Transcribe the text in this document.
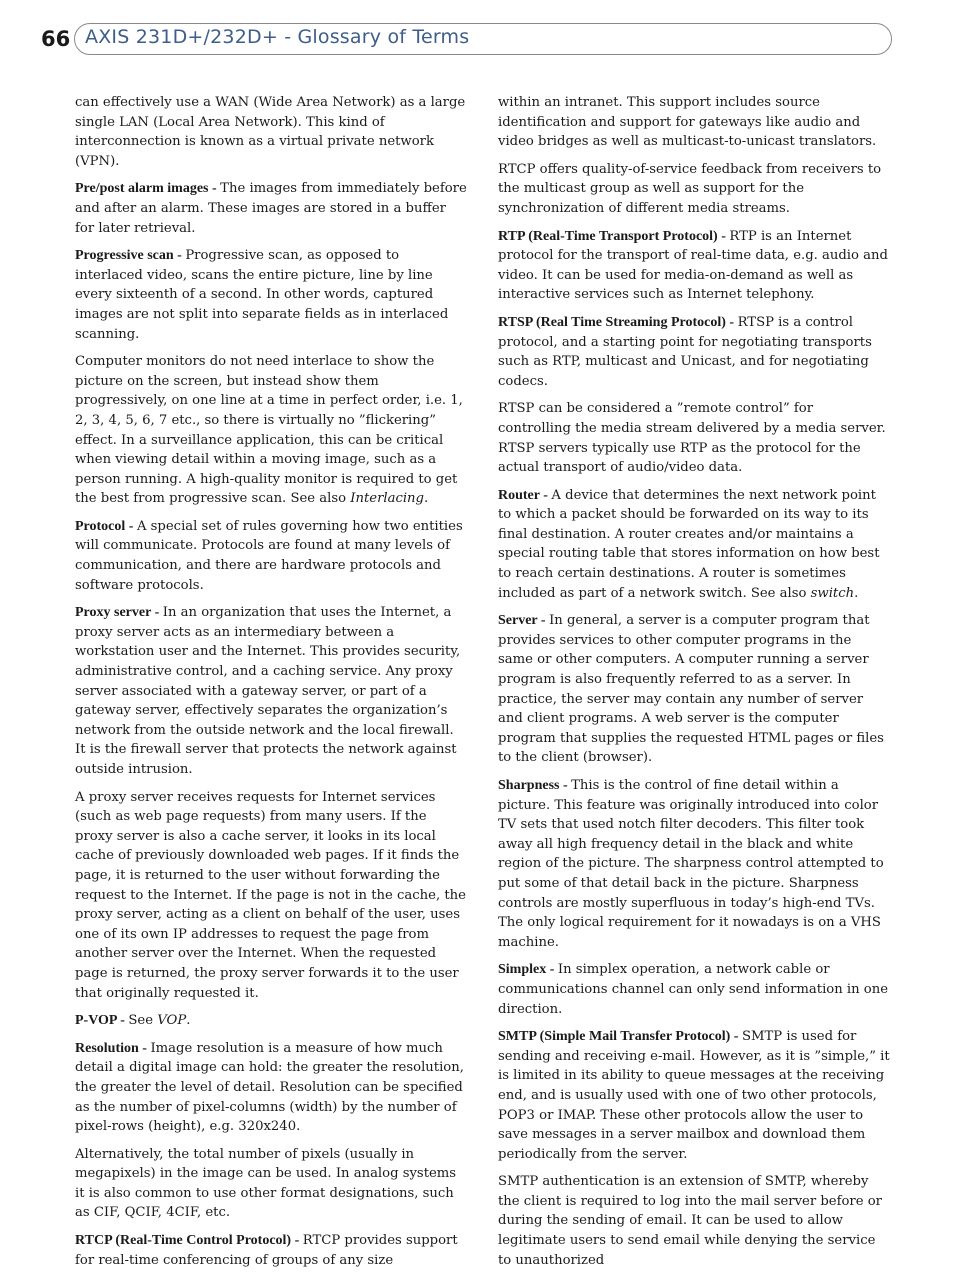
66 AXIS 231D+/232D+ - Glossary of Terms

can effectively use a WAN (Wide Area Network) as a large single LAN (Local Area Network). This kind of interconnection is known as a virtual private network (VPN).

Pre/post alarm images - The images from immediately before and after an alarm. These images are stored in a buffer for later retrieval.

Progressive scan - Progressive scan, as opposed to interlaced video, scans the entire picture, line by line every sixteenth of a second. In other words, captured images are not split into separate fields as in interlaced scanning.

Computer monitors do not need interlace to show the picture on the screen, but instead show them progressively, on one line at a time in perfect order, i.e. 1, 2, 3, 4, 5, 6, 7 etc., so there is virtually no ”flickering” effect. In a surveillance application, this can be critical when viewing detail within a moving image, such as a person running. A high-quality monitor is required to get the best from progressive scan. See also Interlacing.

Protocol - A special set of rules governing how two entities will communicate. Protocols are found at many levels of communication, and there are hardware protocols and software protocols.

Proxy server - In an organization that uses the Internet, a proxy server acts as an intermediary between a workstation user and the Internet. This provides security, administrative control, and a caching service. Any proxy server associated with a gateway server, or part of a gateway server, effectively separates the organization’s network from the outside network and the local firewall. It is the firewall server that protects the network against outside intrusion.

A proxy server receives requests for Internet services (such as web page requests) from many users. If the proxy server is also a cache server, it looks in its local cache of previously downloaded web pages. If it finds the page, it is returned to the user without forwarding the request to the Internet. If the page is not in the cache, the proxy server, acting as a client on behalf of the user, uses one of its own IP addresses to request the page from another server over the Internet. When the requested page is returned, the proxy server forwards it to the user that originally requested it.

P-VOP - See VOP.

Resolution - Image resolution is a measure of how much detail a digital image can hold: the greater the resolution, the greater the level of detail. Resolution can be specified as the number of pixel-columns (width) by the number of pixel-rows (height), e.g. 320x240.

Alternatively, the total number of pixels (usually in megapixels) in the image can be used. In analog systems it is also common to use other format designations, such as CIF, QCIF, 4CIF, etc.

RTCP (Real-Time Control Protocol) - RTCP provides support for real-time conferencing of groups of any size

within an intranet. This support includes source identification and support for gateways like audio and video bridges as well as multicast-to-unicast translators.

RTCP offers quality-of-service feedback from receivers to the multicast group as well as support for the synchronization of different media streams.

RTP (Real-Time Transport Protocol) - RTP is an Internet protocol for the transport of real-time data, e.g. audio and video. It can be used for media-on-demand as well as interactive services such as Internet telephony.

RTSP (Real Time Streaming Protocol) - RTSP is a control protocol, and a starting point for negotiating transports such as RTP, multicast and Unicast, and for negotiating codecs.

RTSP can be considered a ”remote control” for controlling the media stream delivered by a media server. RTSP servers typically use RTP as the protocol for the actual transport of audio/video data.

Router - A device that determines the next network point to which a packet should be forwarded on its way to its final destination. A router creates and/or maintains a special routing table that stores information on how best to reach certain destinations. A router is sometimes included as part of a network switch. See also switch.

Server - In general, a server is a computer program that provides services to other computer programs in the same or other computers. A computer running a server program is also frequently referred to as a server. In practice, the server may contain any number of server and client programs. A web server is the computer program that supplies the requested HTML pages or files to the client (browser).

Sharpness - This is the control of fine detail within a picture. This feature was originally introduced into color TV sets that used notch filter decoders. This filter took away all high frequency detail in the black and white region of the picture. The sharpness control attempted to put some of that detail back in the picture. Sharpness controls are mostly superfluous in today’s high-end TVs. The only logical requirement for it nowadays is on a VHS machine.

Simplex - In simplex operation, a network cable or communications channel can only send information in one direction.

SMTP (Simple Mail Transfer Protocol) - SMTP is used for sending and receiving e-mail. However, as it is ”simple,” it is limited in its ability to queue messages at the receiving end, and is usually used with one of two other protocols, POP3 or IMAP. These other protocols allow the user to save messages in a server mailbox and download them periodically from the server.

SMTP authentication is an extension of SMTP, whereby the client is required to log into the mail server before or during the sending of email. It can be used to allow legitimate users to send email while denying the service to unauthorized
